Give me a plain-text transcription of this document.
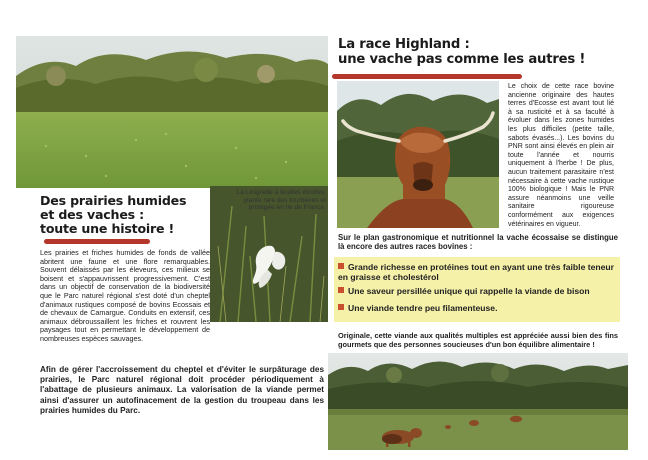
Des prairies humides
et des vaches :
toute une histoire !
La Linigrette à feuilles étroites,
plante rare des tourbières et
protégée en Ile de France.
Les prairies et friches humides de fonds de vallée abritent une faune et une flore remarquables. Souvent délaissés par les éleveurs, ces milieux se boisent et s'appauvrissent progressivement. C'est dans un objectif de conservation de la biodiversité que le Parc naturel régional s'est doté d'un cheptel d'animaux rustiques composé de bovins Ecossais et de chevaux de Camargue. Conduits en extensif, ces animaux débroussaillent les friches et rouvrent les paysages tout en permettant le développement de nombreuses espèces sauvages.
Afin de gérer l'accroissement du cheptel et d'éviter le surpâturage des prairies, le Parc naturel régional doit procéder périodiquement à l'abattage de plusieurs animaux. La valorisation de la viande permet ainsi d'assurer un autofinacement de la gestion du troupeau dans les prairies humides du Parc.
La race Highland :
une vache pas comme les autres !
Le choix de cette race bovine ancienne originaire des hautes terres d'Ecosse est avant tout lié à sa rusticité et à sa faculté à évoluer dans les zones humides les plus difficiles (petite taille, sabots évasés...). Les bovins du PNR sont ainsi élevés en plein air toute l'année et nourris uniquement à l'herbe ! De plus, aucun traitement parasitaire n'est nécessaire à cette vache rustique 100% biologique ! Mais le PNR assure néanmoins une veille sanitaire rigoureuse conformément aux exigences vétérinaires en vigueur.
Sur le plan gastronomique et nutritionnel la vache écossaise se distingue là encore des autres races bovines :
Grande richesse en protéines tout en ayant une très faible teneur en graisse et cholestérol
Une saveur persillée unique qui rappelle la viande de bison
Une viande tendre peu filamenteuse.
Originale, cette viande aux qualités multiples est appréciée aussi bien des fins gourmets que des personnes soucieuses d'un bon équilibre alimentaire !
